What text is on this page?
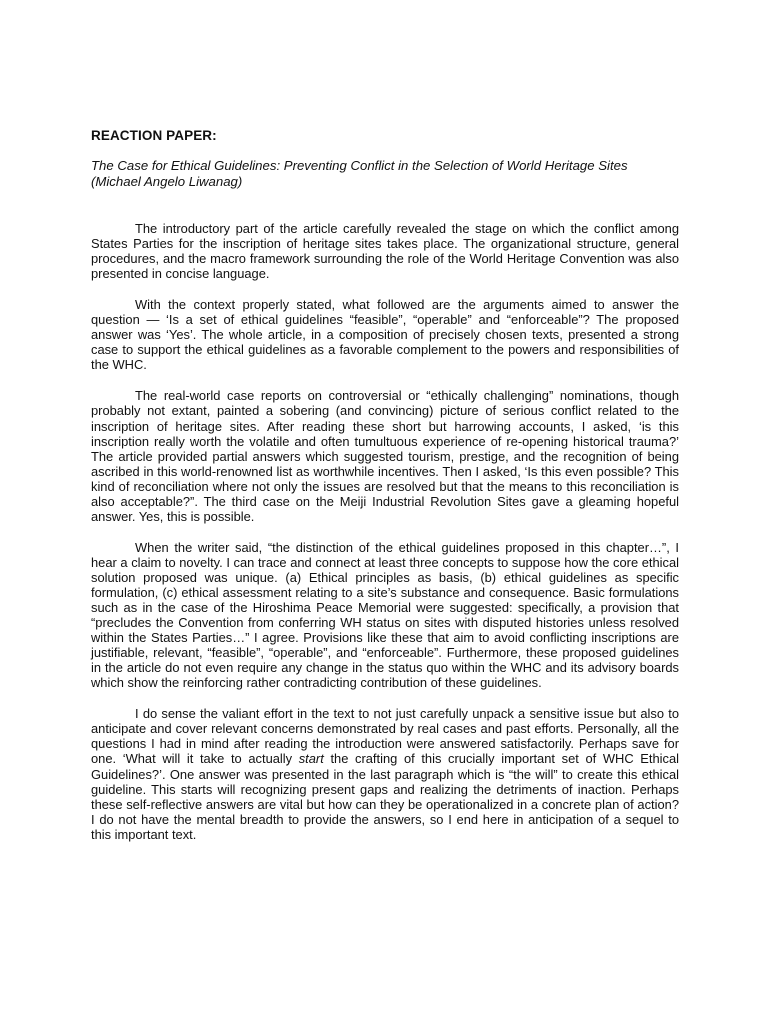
REACTION PAPER:
The Case for Ethical Guidelines: Preventing Conflict in the Selection of World Heritage Sites
(Michael Angelo Liwanag)

The introductory part of the article carefully revealed the stage on which the conflict among States Parties for the inscription of heritage sites takes place. The organizational structure, general procedures, and the macro framework surrounding the role of the World Heritage Convention was also presented in concise language.

With the context properly stated, what followed are the arguments aimed to answer the question — ‘Is a set of ethical guidelines “feasible”, “operable” and “enforceable”? The proposed answer was ‘Yes’. The whole article, in a composition of precisely chosen texts, presented a strong case to support the ethical guidelines as a favorable complement to the powers and responsibilities of the WHC.

The real-world case reports on controversial or “ethically challenging” nominations, though probably not extant, painted a sobering (and convincing) picture of serious conflict related to the inscription of heritage sites. After reading these short but harrowing accounts, I asked, ‘is this inscription really worth the volatile and often tumultuous experience of re-opening historical trauma?’ The article provided partial answers which suggested tourism, prestige, and the recognition of being ascribed in this world-renowned list as worthwhile incentives. Then I asked, ‘Is this even possible? This kind of reconciliation where not only the issues are resolved but that the means to this reconciliation is also acceptable?”. The third case on the Meiji Industrial Revolution Sites gave a gleaming hopeful answer. Yes, this is possible.

When the writer said, “the distinction of the ethical guidelines proposed in this chapter…”, I hear a claim to novelty. I can trace and connect at least three concepts to suppose how the core ethical solution proposed was unique. (a) Ethical principles as basis, (b) ethical guidelines as specific formulation, (c) ethical assessment relating to a site’s substance and consequence. Basic formulations such as in the case of the Hiroshima Peace Memorial were suggested: specifically, a provision that “precludes the Convention from conferring WH status on sites with disputed histories unless resolved within the States Parties…” I agree. Provisions like these that aim to avoid conflicting inscriptions are justifiable, relevant, “feasible”, “operable”, and “enforceable”. Furthermore, these proposed guidelines in the article do not even require any change in the status quo within the WHC and its advisory boards which show the reinforcing rather contradicting contribution of these guidelines.

I do sense the valiant effort in the text to not just carefully unpack a sensitive issue but also to anticipate and cover relevant concerns demonstrated by real cases and past efforts. Personally, all the questions I had in mind after reading the introduction were answered satisfactorily. Perhaps save for one. ‘What will it take to actually start the crafting of this crucially important set of WHC Ethical Guidelines?’. One answer was presented in the last paragraph which is “the will” to create this ethical guideline. This starts will recognizing present gaps and realizing the detriments of inaction. Perhaps these self-reflective answers are vital but how can they be operationalized in a concrete plan of action? I do not have the mental breadth to provide the answers, so I end here in anticipation of a sequel to this important text.
